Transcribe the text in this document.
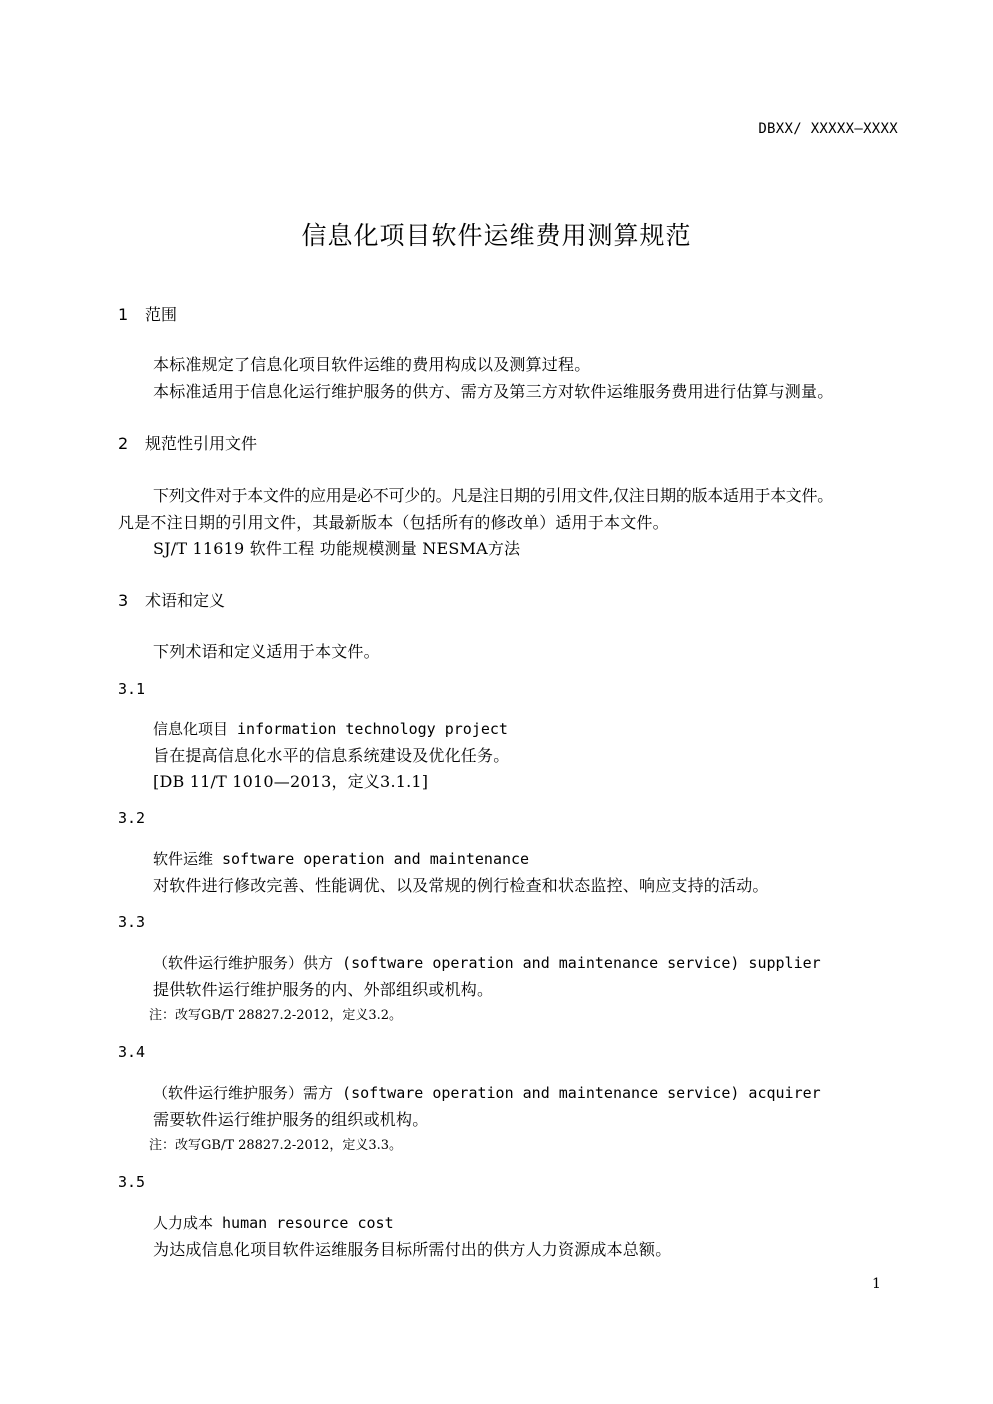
DBXX/ XXXXX—XXXX
信息化项目软件运维费用测算规范
1 范围
本标准规定了信息化项目软件运维的费用构成以及测算过程。
本标准适用于信息化运行维护服务的供方、需方及第三方对软件运维服务费用进行估算与测量。
2 规范性引用文件
下列文件对于本文件的应用是必不可少的。凡是注日期的引用文件,仅注日期的版本适用于本文件。
凡是不注日期的引用文件，其最新版本（包括所有的修改单）适用于本文件。
SJ/T 11619 软件工程 功能规模测量 NESMA方法
3 术语和定义
下列术语和定义适用于本文件。
3.1
信息化项目 information technology project
旨在提高信息化水平的信息系统建设及优化任务。
[DB 11/T 1010—2013，定义3.1.1]
3.2
软件运维 software operation and maintenance
对软件进行修改完善、性能调优、以及常规的例行检查和状态监控、响应支持的活动。
3.3
（软件运行维护服务）供方 (software operation and maintenance service) supplier
提供软件运行维护服务的内、外部组织或机构。
注：改写GB/T 28827.2-2012，定义3.2。
3.4
（软件运行维护服务）需方 (software operation and maintenance service) acquirer
需要软件运行维护服务的组织或机构。
注：改写GB/T 28827.2-2012，定义3.3。
3.5
人力成本 human resource cost
为达成信息化项目软件运维服务目标所需付出的供方人力资源成本总额。
1
